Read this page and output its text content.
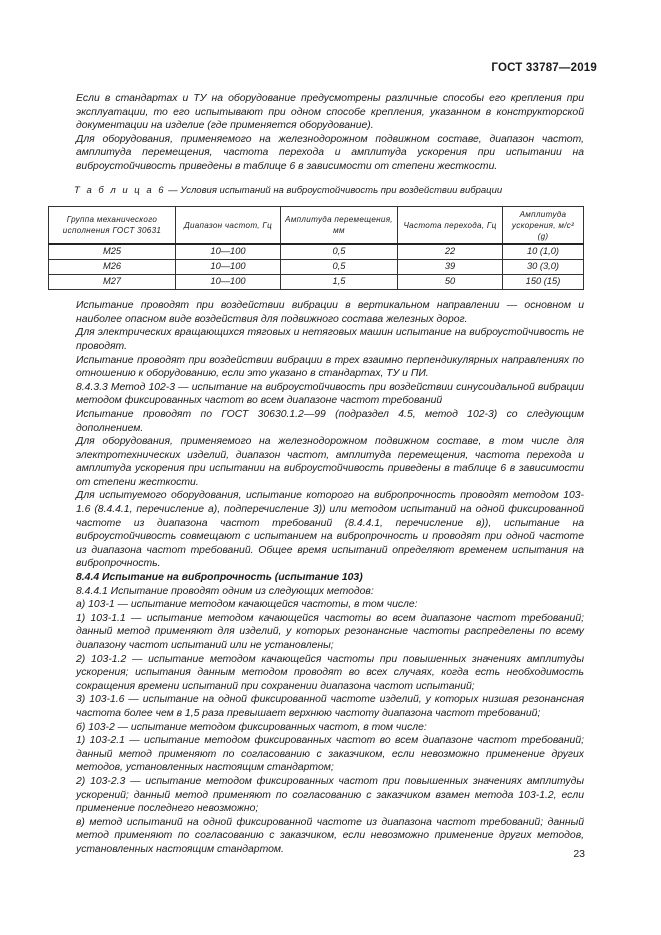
ГОСТ 33787—2019

Если в стандартах и ТУ на оборудование предусмотрены различные способы его крепления при эксплуатации, то его испытывают при одном способе крепления, указанном в конструкторской документации на изделие (где применяется оборудование).

Для оборудования, применяемого на железнодорожном подвижном составе, диапазон частот, амплитуда перемещения, частота перехода и амплитуда ускорения при испытании на виброустойчивость приведены в таблице 6 в зависимости от степени жесткости.

Т а б л и ц а 6 — Условия испытаний на виброустойчивость при воздействии вибрации
Группа механического исполнения ГОСТ 30631	Диапазон частот, Гц	Амплитуда перемещения, мм	Частота перехода, Гц	Амплитуда ускорения, м/с² (g)
М25	10—100	0,5	22	10 (1,0)
М26	10—100	0,5	39	30 (3,0)
М27	10—100	1,5	50	150 (15)

Испытание проводят при воздействии вибрации в вертикальном направлении — основном и наиболее опасном виде воздействия для подвижного состава железных дорог.

Для электрических вращающихся тяговых и нетяговых машин испытание на виброустойчивость не проводят.

Испытание проводят при воздействии вибрации в трех взаимно перпендикулярных направлениях по отношению к оборудованию, если это указано в стандартах, ТУ и ПИ.

8.4.3.3 Метод 102-3 — испытание на виброустойчивость при воздействии синусоидальной вибрации методом фиксированных частот во всем диапазоне частот требований

Испытание проводят по ГОСТ 30630.1.2—99 (подраздел 4.5, метод 102-3) со следующим дополнением.

Для оборудования, применяемого на железнодорожном подвижном составе, в том числе для электротехнических изделий, диапазон частот, амплитуда перемещения, частота перехода и амплитуда ускорения при испытании на виброустойчивость приведены в таблице 6 в зависимости от степени жесткости.

Для испытуемого оборудования, испытание которого на вибропрочность проводят методом 103-1.6 (8.4.4.1, перечисление а), подперечисление 3)) или методом испытаний на одной фиксированной частоте из диапазона частот требований (8.4.4.1, перечисление в)), испытание на виброустойчивость совмещают с испытанием на вибропрочность и проводят при одной частоте из диапазона частот требований. Общее время испытаний определяют временем испытания на вибропрочность.

8.4.4 Испытание на вибропрочность (испытание 103)

8.4.4.1 Испытание проводят одним из следующих методов:

а) 103-1 — испытание методом качающейся частоты, в том числе:

1) 103-1.1 — испытание методом качающейся частоты во всем диапазоне частот требований; данный метод применяют для изделий, у которых резонансные частоты распределены по всему диапазону частот испытаний или не установлены;

2) 103-1.2 — испытание методом качающейся частоты при повышенных значениях амплитуды ускорения; испытания данным методом проводят во всех случаях, когда есть необходимость сокращения времени испытаний при сохранении диапазона частот испытаний;

3) 103-1.6 — испытание на одной фиксированной частоте изделий, у которых низшая резонансная частота более чем в 1,5 раза превышает верхнюю частоту диапазона частот требований;

б) 103-2 — испытание методом фиксированных частот, в том числе:

1) 103-2.1 — испытание методом фиксированных частот во всем диапазоне частот требований; данный метод применяют по согласованию с заказчиком, если невозможно применение других методов, установленных настоящим стандартом;

2) 103-2.3 — испытание методом фиксированных частот при повышенных значениях амплитуды ускорений; данный метод применяют по согласованию с заказчиком взамен метода 103-1.2, если применение последнего невозможно;

в) метод испытаний на одной фиксированной частоте из диапазона частот требований; данный метод применяют по согласованию с заказчиком, если невозможно применение других методов, установленных настоящим стандартом.	23
